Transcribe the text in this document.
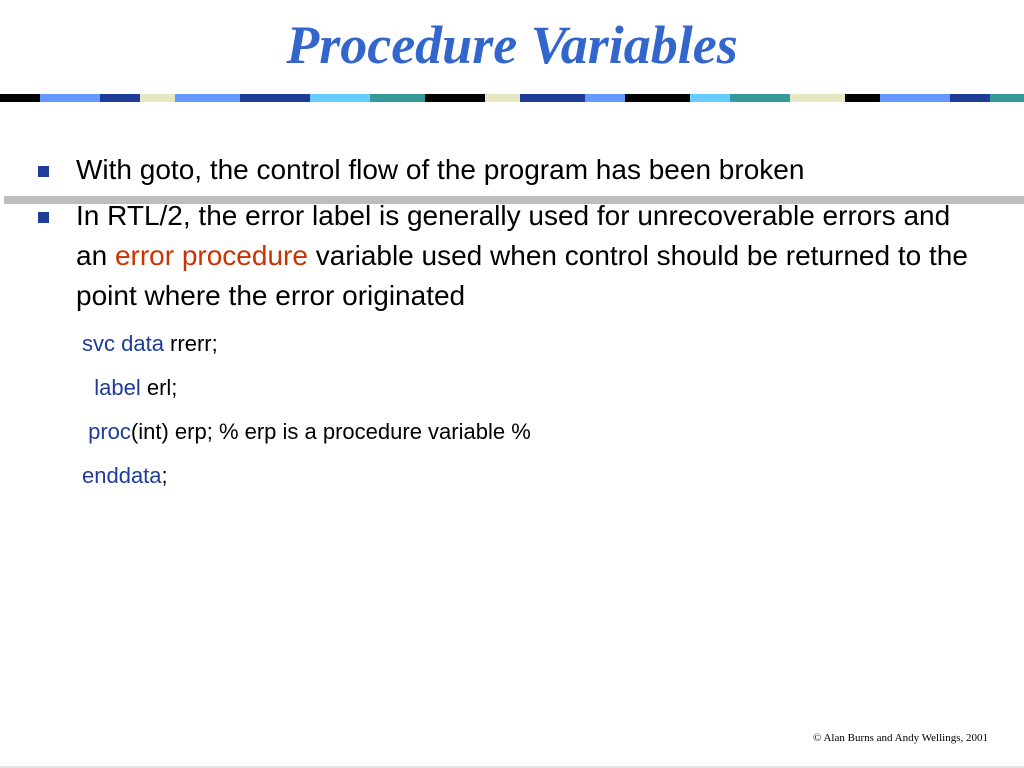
Procedure Variables
With goto, the control flow of the program has been broken
In RTL/2, the error label is generally used for unrecoverable errors and an error procedure variable used when control should be returned to the point where the error originated
svc data rrerr;
label erl;
proc(int) erp; % erp is a procedure variable %
enddata;
© Alan Burns and Andy Wellings, 2001
